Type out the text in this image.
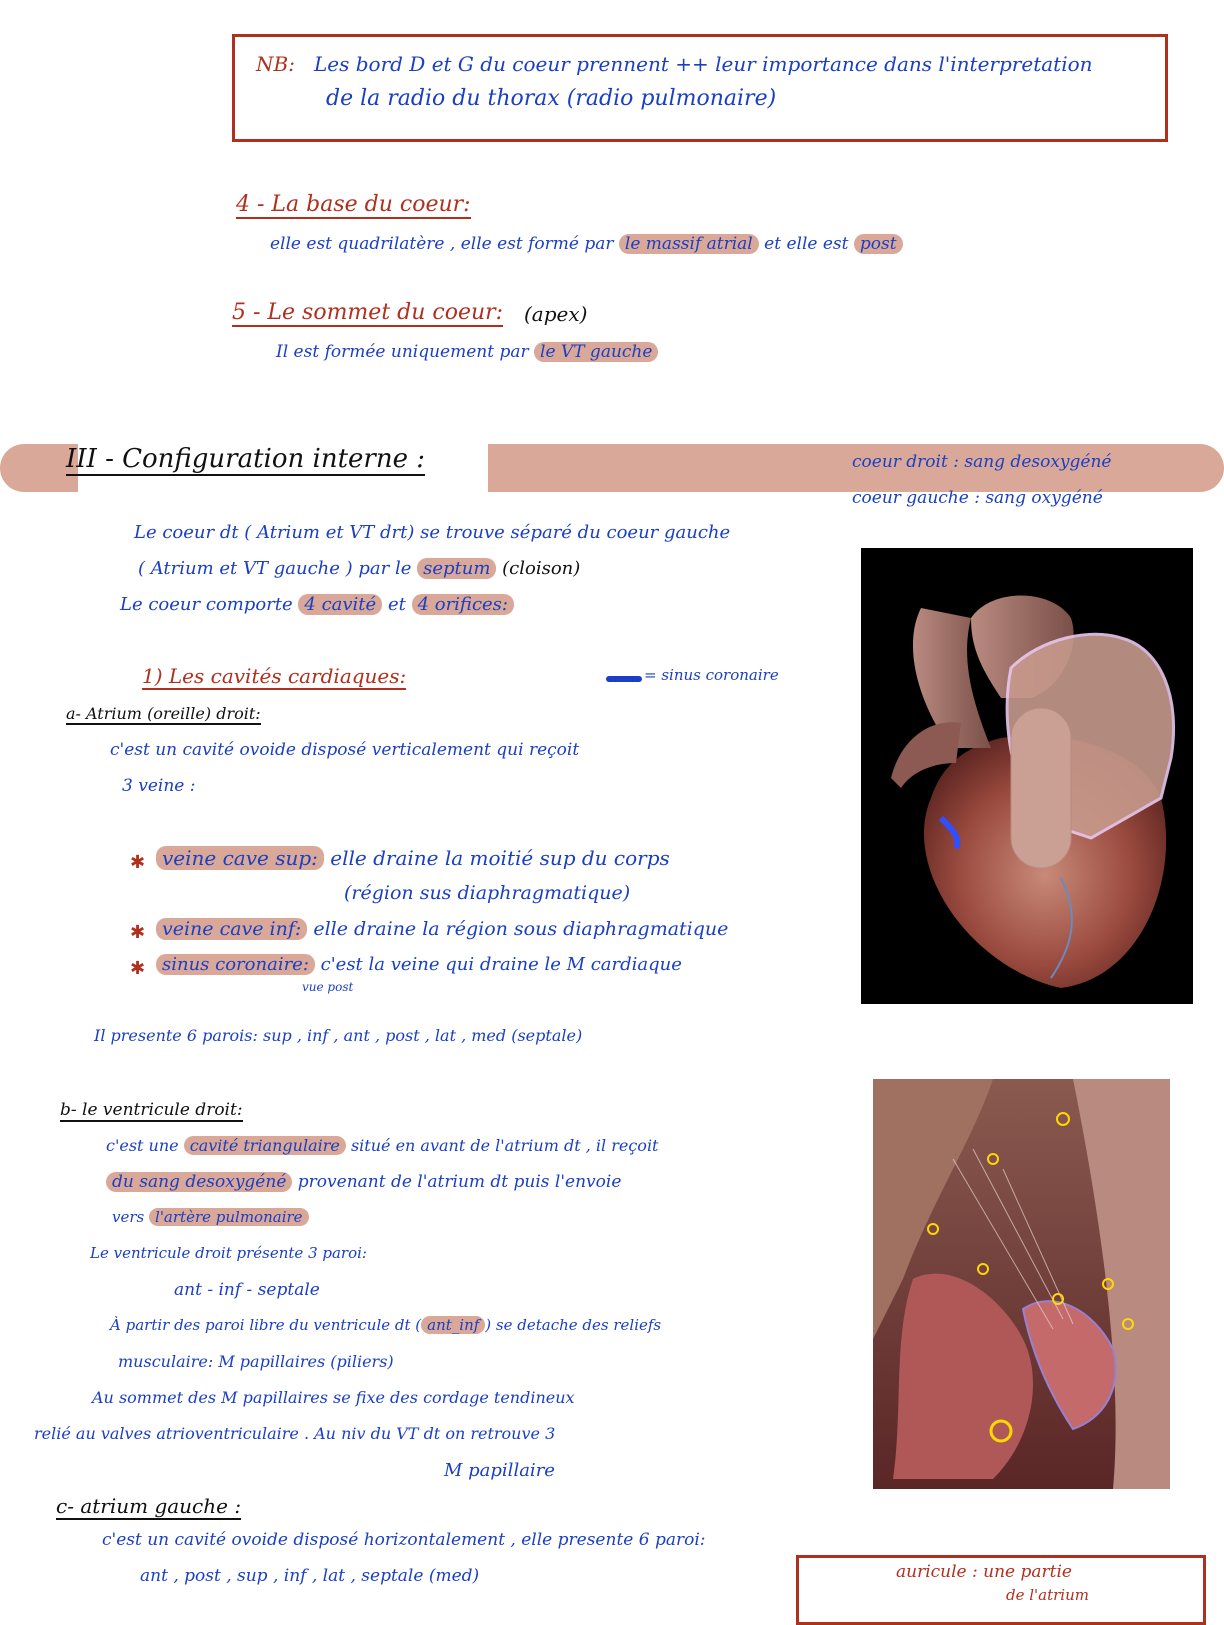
NB: Les bord D et G du coeur prennent ++ leur importance dans l'interpretation
de la radio du thorax (radio pulmonaire)
4 - La base du coeur:
elle est quadrilatère , elle est formé par le massif atrial et elle est post
5 - Le sommet du coeur: (apex)
Il est formée uniquement par le VT gauche
III - Configuration interne :	coeur droit : sang desoxygéné
coeur gauche : sang oxygéné
Le coeur dt ( Atrium et VT drt) se trouve séparé du coeur gauche
( Atrium et VT gauche ) par le septum (cloison)
Le coeur comporte 4 cavité et 4 orifices:
1) Les cavités cardiaques:	= sinus coronaire
a- Atrium (oreille) droit:
c'est un cavité ovoide disposé verticalement qui reçoit
3 veine :
✱ veine cave sup: elle draine la moitié sup du corps
(région sus diaphragmatique)
✱ veine cave inf: elle draine la région sous diaphragmatique
✱ sinus coronaire: c'est la veine qui draine le M cardiaque
vue post
Il presente 6 parois: sup , inf , ant , post , lat , med (septale)
b- le ventricule droit:
c'est une cavité triangulaire situé en avant de l'atrium dt , il reçoit
du sang desoxygéné provenant de l'atrium dt puis l'envoie
vers l'artère pulmonaire
Le ventricule droit présente 3 paroi:
ant - inf - septale
À partir des paroi libre du ventricule dt ( ant_inf ) se detache des reliefs
musculaire: M papillaires (piliers)
Au sommet des M papillaires se fixe des cordage tendineux
relié au valves atrioventriculaire . Au niv du VT dt on retrouve 3
M papillaire
c- atrium gauche :
c'est un cavité ovoide disposé horizontalement , elle presente 6 paroi:
ant , post , sup , inf , lat , septale (med)	auricule : une partie
de l'atrium
